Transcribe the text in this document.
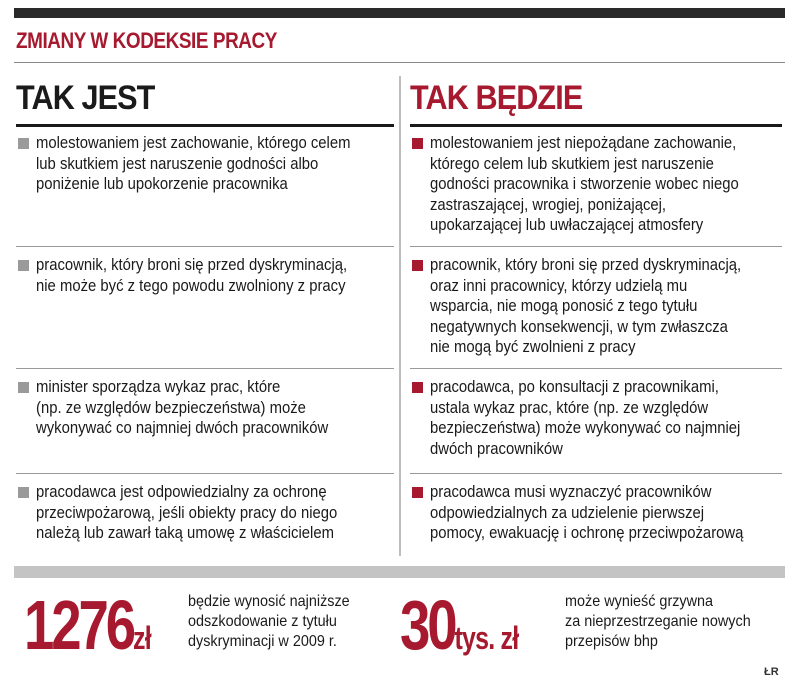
ZMIANY W KODEKSIE PRACY
TAK JEST
molestowaniem jest zachowanie, którego celem
lub skutkiem jest naruszenie godności albo
poniżenie lub upokorzenie pracownika
pracownik, który broni się przed dyskryminacją,
nie może być z tego powodu zwolniony z pracy
minister sporządza wykaz prac, które
(np. ze względów bezpieczeństwa) może
wykonywać co najmniej dwóch pracowników
pracodawca jest odpowiedzialny za ochronę
przeciwpożarową, jeśli obiekty pracy do niego
należą lub zawarł taką umowę z właścicielem
TAK BĘDZIE
molestowaniem jest niepożądane zachowanie,
którego celem lub skutkiem jest naruszenie
godności pracownika i stworzenie wobec niego
zastraszającej, wrogiej, poniżającej,
upokarzającej lub uwłaczającej atmosfery
pracownik, który broni się przed dyskryminacją,
oraz inni pracownicy, którzy udzielą mu
wsparcia, nie mogą ponosić z tego tytułu
negatywnych konsekwencji, w tym zwłaszcza
nie mogą być zwolnieni z pracy
pracodawca, po konsultacji z pracownikami,
ustala wykaz prac, które (np. ze względów
bezpieczeństwa) może wykonywać co najmniej
dwóch pracowników
pracodawca musi wyznaczyć pracowników
odpowiedzialnych za udzielenie pierwszej
pomocy, ewakuację i ochronę przeciwpożarową
1276zł
będzie wynosić najniższe
odszkodowanie z tytułu
dyskryminacji w 2009 r. 30tys. zł
może wynieść grzywna
za nieprzestrzeganie nowych
przepisów bhp
ŁR
